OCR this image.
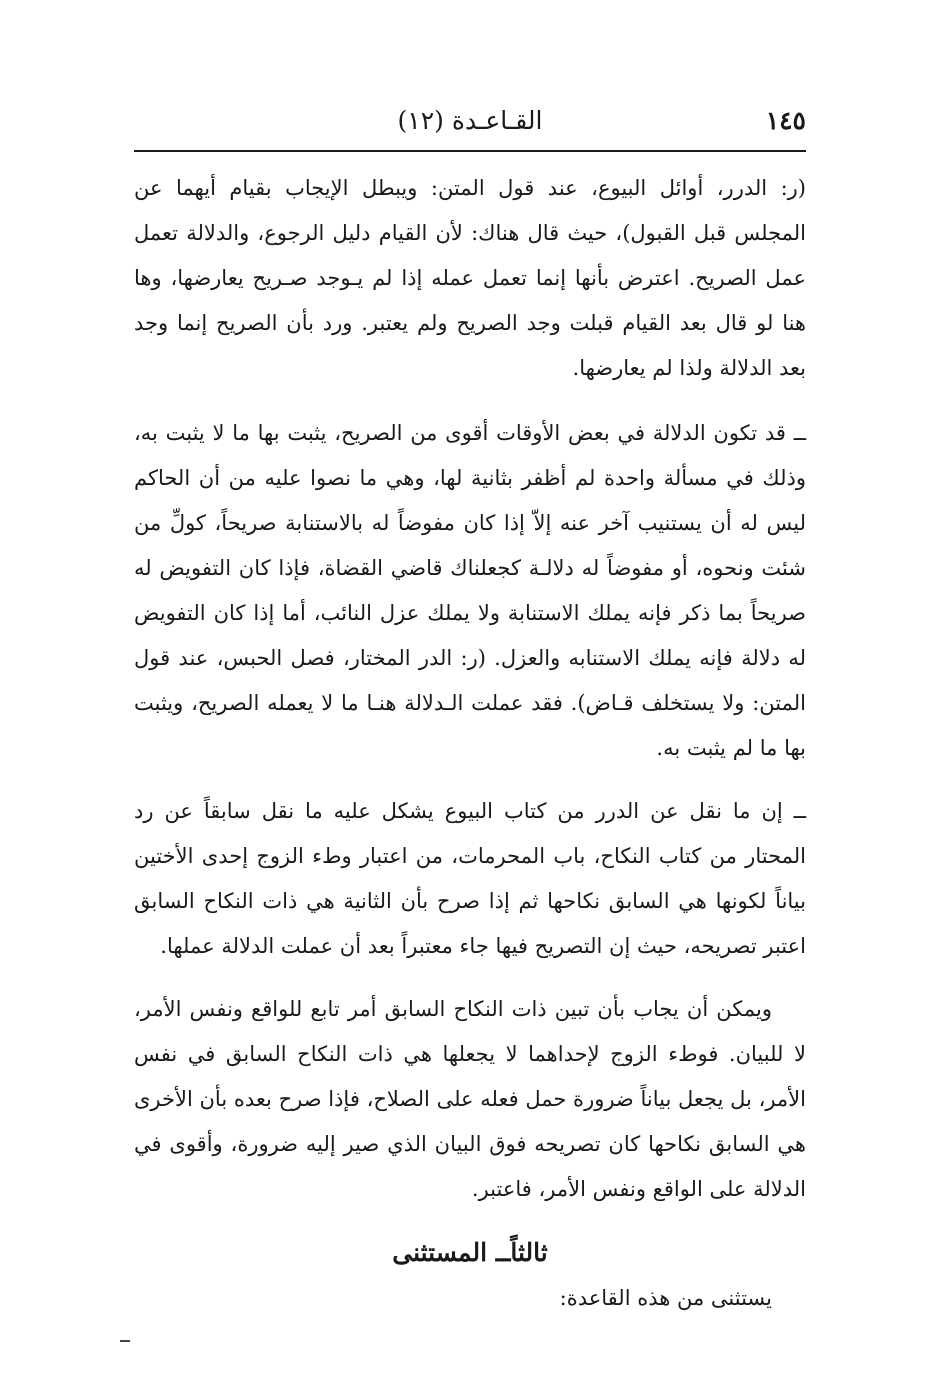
١٤٥
القـاعـدة (١٢)

(ر: الدرر، أوائل البيوع، عند قول المتن: ويبطل الإيجاب بقيام أيهما عن المجلس قبل القبول)، حيث قال هناك: لأن القيام دليل الرجوع، والدلالة تعمل عمل الصريح. اعترض بأنها إنما تعمل عمله إذا لم يـوجد صـريح يعارضها، وها هنا لو قال بعد القيام قبلت وجد الصريح ولم يعتبر. ورد بأن الصريح إنما وجد بعد الدلالة ولذا لم يعارضها.

ــ قد تكون الدلالة في بعض الأوقات أقوى من الصريح، يثبت بها ما لا يثبت به، وذلك في مسألة واحدة لم أظفر بثانية لها، وهي ما نصوا عليه من أن الحاكم ليس له أن يستنيب آخر عنه إلاّ إذا كان مفوضاً له بالاستنابة صريحاً، كولِّ من شئت ونحوه، أو مفوضاً له دلالـة كجعلناك قاضي القضاة، فإذا كان التفويض له صريحاً بما ذكر فإنه يملك الاستنابة ولا يملك عزل النائب، أما إذا كان التفويض له دلالة فإنه يملك الاستنابه والعزل. (ر: الدر المختار، فصل الحبس، عند قول المتن: ولا يستخلف قـاض). فقد عملت الـدلالة هنـا ما لا يعمله الصريح، ويثبت بها ما لم يثبت به.

ــ إن ما نقل عن الدرر من كتاب البيوع يشكل عليه ما نقل سابقاً عن رد المحتار من كتاب النكاح، باب المحرمات، من اعتبار وطء الزوج إحدى الأختين بياناً لكونها هي السابق نكاحها ثم إذا صرح بأن الثانية هي ذات النكاح السابق اعتبر تصريحه، حيث إن التصريح فيها جاء معتبراً بعد أن عملت الدلالة عملها.

ويمكن أن يجاب بأن تبين ذات النكاح السابق أمر تابع للواقع ونفس الأمر، لا للبيان. فوطء الزوج لإحداهما لا يجعلها هي ذات النكاح السابق في نفس الأمر، بل يجعل بياناً ضرورة حمل فعله على الصلاح، فإذا صرح بعده بأن الأخرى هي السابق نكاحها كان تصريحه فوق البيان الذي صير إليه ضرورة، وأقوى في الدلالة على الواقع ونفس الأمر، فاعتبر.

ثالثاًــ المستثنى

يستثنى من هذه القاعدة:
